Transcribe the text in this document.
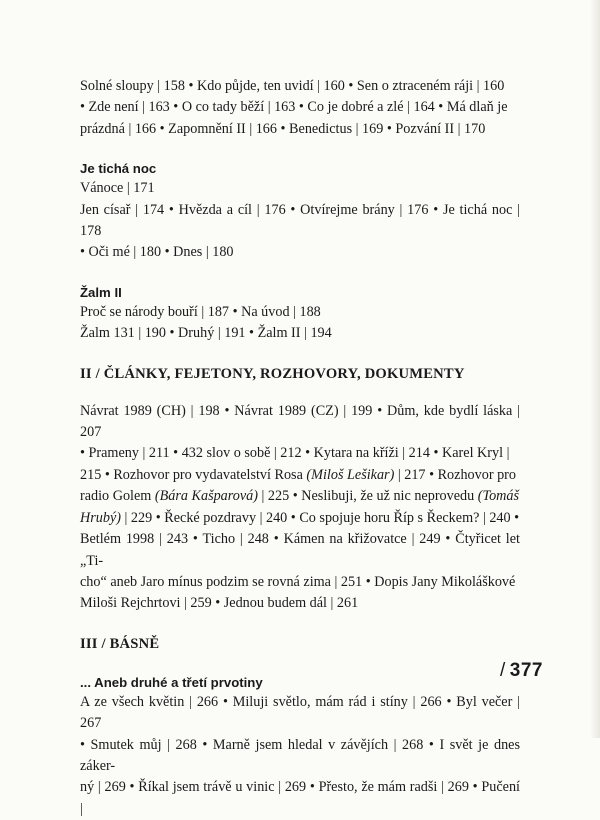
Solné sloupy | 158 • Kdo půjde, ten uvidí | 160 • Sen o ztraceném ráji | 160

• Zde není | 163 • O co tady běží | 163 • Co je dobré a zlé | 164 • Má dlaň je

prázdná | 166 • Zapomnění II | 166 • Benedictus | 169 • Pozvání II | 170

Je tichá noc

Vánoce | 171

Jen císař | 174 • Hvězda a cíl | 176 • Otvírejme brány | 176 • Je tichá noc | 178

• Oči mé | 180 • Dnes | 180

Žalm II

Proč se národy bouří | 187 • Na úvod | 188

Žalm 131 | 190 • Druhý | 191 • Žalm II | 194

II / ČLÁNKY, FEJETONY, ROZHOVORY, DOKUMENTY

Návrat 1989 (CH) | 198 • Návrat 1989 (CZ) | 199 • Dům, kde bydlí láska | 207

• Prameny | 211 • 432 slov o sobě | 212 • Kytara na kříži | 214 • Karel Kryl |

215 • Rozhovor pro vydavatelství Rosa (Miloš Lešikar) | 217 • Rozhovor pro

radio Golem (Bára Kašparová) | 225 • Neslibuji, že už nic neprovedu (Tomáš

Hrubý) | 229 • Řecké pozdravy | 240 • Co spojuje horu Říp s Řeckem? | 240 •

Betlém 1998 | 243 • Ticho | 248 • Kámen na křižovatce | 249 • Čtyřicet let „Ti-

cho“ aneb Jaro mínus podzim se rovná zima | 251 • Dopis Jany Mikoláškové

Miloši Rejchrtovi | 259 • Jednou budem dál | 261

III / BÁSNĚ

... Aneb druhé a třetí prvotiny

A ze všech květin | 266 • Miluji světlo, mám rád i stíny | 266 • Byl večer | 267

• Smutek můj | 268 • Marně jsem hledal v závějích | 268 • I svět je dnes záker-

ný | 269 • Říkal jsem trávě u vinic | 269 • Přesto, že mám radši | 269 • Pučení |

/ 377
